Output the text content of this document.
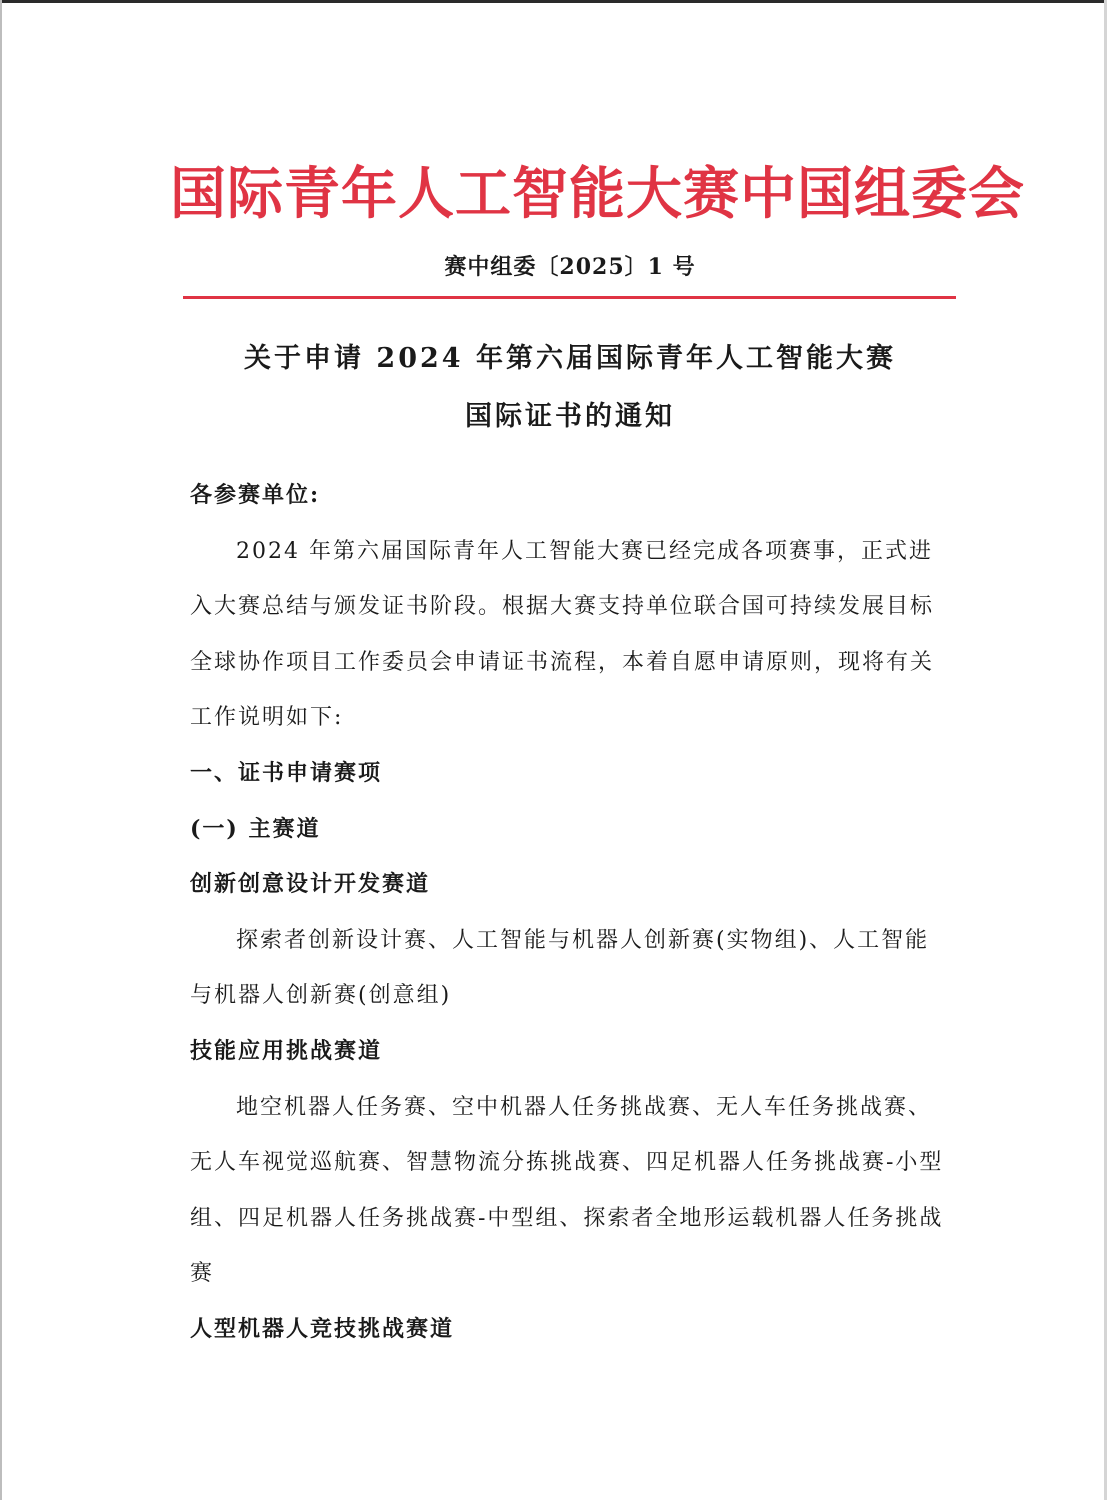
国际青年人工智能大赛中国组委会
赛中组委〔2025〕1 号
关于申请 2024 年第六届国际青年人工智能大赛
国际证书的通知

各参赛单位:

2024 年第六届国际青年人工智能大赛已经完成各项赛事，正式进入大赛总结与颁发证书阶段。根据大赛支持单位联合国可持续发展目标全球协作项目工作委员会申请证书流程，本着自愿申请原则，现将有关工作说明如下:

一、证书申请赛项

(一) 主赛道

创新创意设计开发赛道

探索者创新设计赛、人工智能与机器人创新赛(实物组)、人工智能与机器人创新赛(创意组)

技能应用挑战赛道

地空机器人任务赛、空中机器人任务挑战赛、无人车任务挑战赛、无人车视觉巡航赛、智慧物流分拣挑战赛、四足机器人任务挑战赛-小型组、四足机器人任务挑战赛-中型组、探索者全地形运载机器人任务挑战赛

人型机器人竞技挑战赛道
